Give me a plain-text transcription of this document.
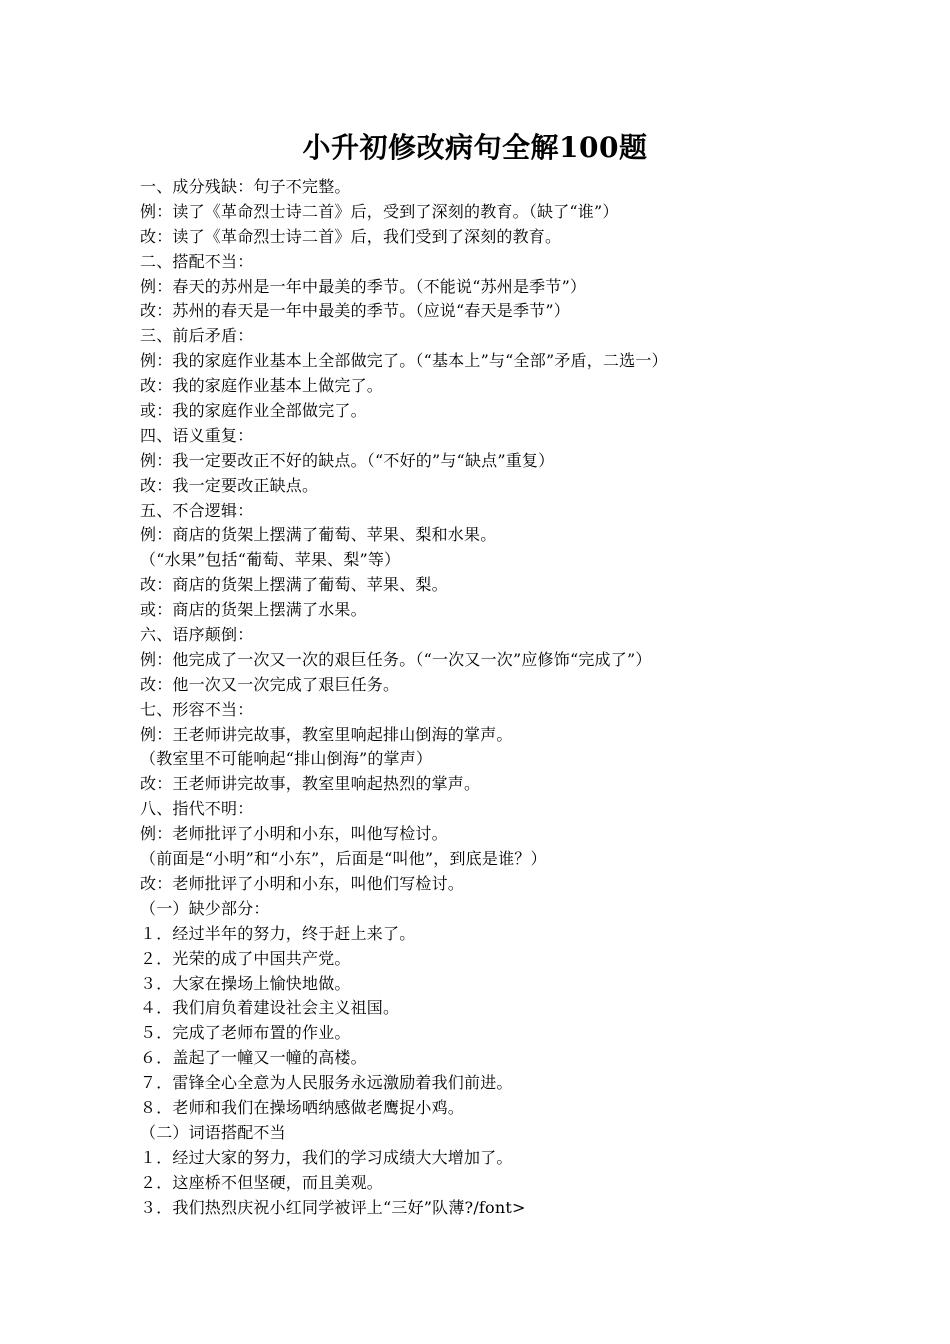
小升初修改病句全解100题
一、成分残缺：句子不完整。
例：读了《革命烈士诗二首》后，受到了深刻的教育。（缺了“谁”）
改：读了《革命烈士诗二首》后，我们受到了深刻的教育。
二、搭配不当：
例：春天的苏州是一年中最美的季节。（不能说“苏州是季节”）
改：苏州的春天是一年中最美的季节。（应说“春天是季节”）
三、前后矛盾：
例：我的家庭作业基本上全部做完了。（“基本上”与“全部”矛盾，二选一）
改：我的家庭作业基本上做完了。
或：我的家庭作业全部做完了。
四、语义重复：
例：我一定要改正不好的缺点。（“不好的”与“缺点”重复）
改：我一定要改正缺点。
五、不合逻辑：
例：商店的货架上摆满了葡萄、苹果、梨和水果。
（“水果”包括“葡萄、苹果、梨”等）
改：商店的货架上摆满了葡萄、苹果、梨。
或：商店的货架上摆满了水果。
六、语序颠倒：
例：他完成了一次又一次的艰巨任务。（“一次又一次”应修饰“完成了”）
改：他一次又一次完成了艰巨任务。
七、形容不当：
例：王老师讲完故事，教室里响起排山倒海的掌声。
（教室里不可能响起“排山倒海”的掌声）
改：王老师讲完故事，教室里响起热烈的掌声。
八、指代不明：
例：老师批评了小明和小东，叫他写检讨。
（前面是“小明”和“小东”，后面是“叫他”，到底是谁？）
改：老师批评了小明和小东，叫他们写检讨。
（一）缺少部分：
１．经过半年的努力，终于赶上来了。
２．光荣的成了中国共产党。
３．大家在操场上愉快地做。
４．我们肩负着建设社会主义祖国。
５．完成了老师布置的作业。
６．盖起了一幢又一幢的高楼。
７．雷锋全心全意为人民服务永远激励着我们前进。
８．老师和我们在操场哂纳感做老鹰捉小鸡。
（二）词语搭配不当
１．经过大家的努力，我们的学习成绩大大增加了。
２．这座桥不但坚硬，而且美观。
３．我们热烈庆祝小红同学被评上“三好”队薄?/font>
